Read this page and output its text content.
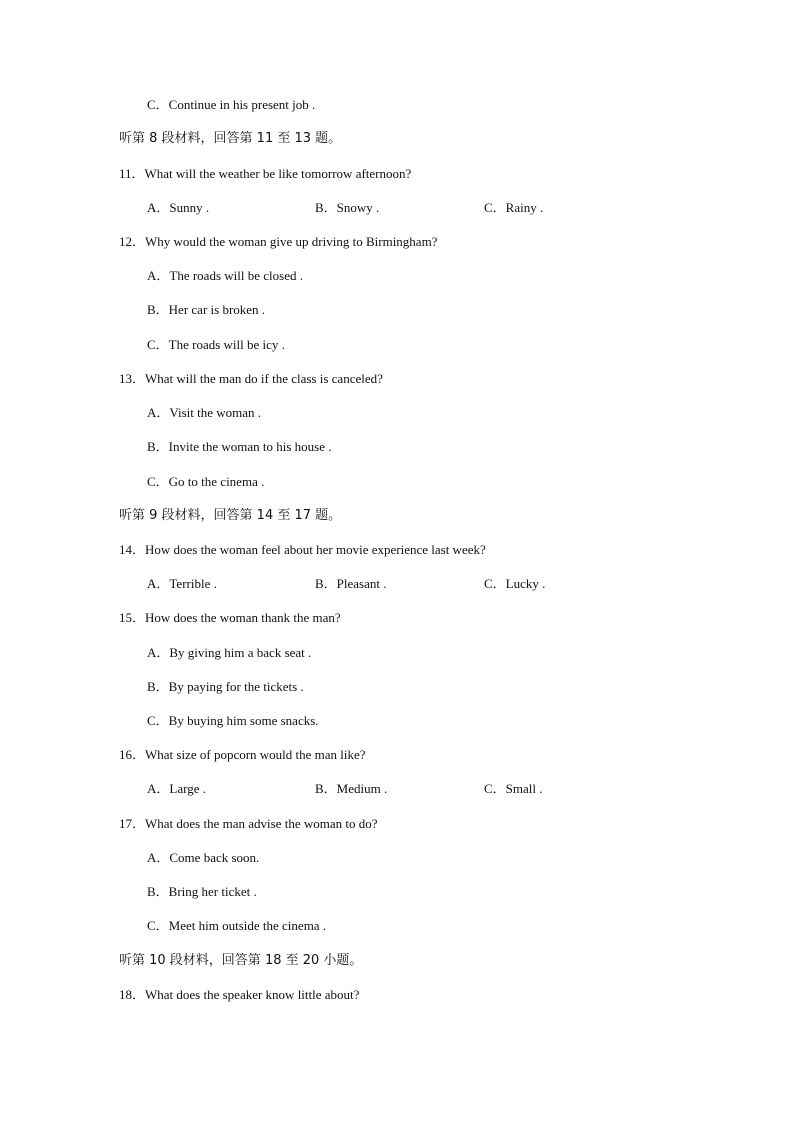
C．Continue in his present job .
听第 8 段材料，回答第 11 至 13 题。
11．What will the weather be like tomorrow afternoon?
A．Sunny .	B．Snowy .	C．Rainy .
12．Why would the woman give up driving to Birmingham?
A．The roads will be closed .
B．Her car is broken .
C．The roads will be icy .
13．What will the man do if the class is canceled?
A．Visit the woman .
B．Invite the woman to his house .
C．Go to the cinema .
听第 9 段材料，回答第 14 至 17 题。
14．How does the woman feel about her movie experience last week?
A．Terrible .	B．Pleasant .	C．Lucky .
15．How does the woman thank the man?
A．By giving him a back seat .
B．By paying for the tickets .
C．By buying him some snacks.
16．What size of popcorn would the man like?
A．Large .	B．Medium .	C．Small .
17．What does the man advise the woman to do?
A．Come back soon.
B．Bring her ticket .
C．Meet him outside the cinema .
听第 10 段材料，回答第 18 至 20 小题。
18．What does the speaker know little about?
